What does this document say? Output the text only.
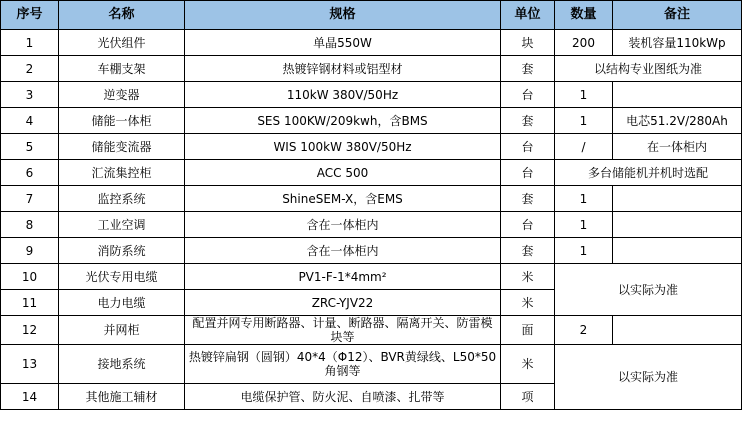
序号	名称	规格	单位	数量	备注
1	光伏组件	单晶550W	块	200	装机容量110kWp
2	车棚支架	热镀锌钢材料或铝型材	套	以结构专业图纸为准	
3	逆变器	110kW 380V/50Hz	台	1	
4	储能一体柜	SES 100KW/209kwh，含BMS	套	1	电芯51.2V/280Ah
5	储能变流器	WIS 100kW 380V/50Hz	台	/	在一体柜内
6	汇流集控柜	ACC 500	台	多台储能机并机时选配	
7	监控系统	ShineSEM-X，含EMS	套	1	
8	工业空调	含在一体柜内	台	1	
9	消防系统	含在一体柜内	套	1	
10	光伏专用电缆	PV1-F-1*4mm²	米	以实际为准	
11	电力电缆	ZRC-YJV22	米		
12	并网柜	配置并网专用断路器、计量、断路器、隔离开关、防雷模块等	面	2	
13	接地系统	热镀锌扁钢（圆钢）40*4（Φ12）、BVR黄绿线、L50*50角钢等	米	以实际为准	
14	其他施工辅材	电缆保护管、防火泥、自喷漆、扎带等	项		
